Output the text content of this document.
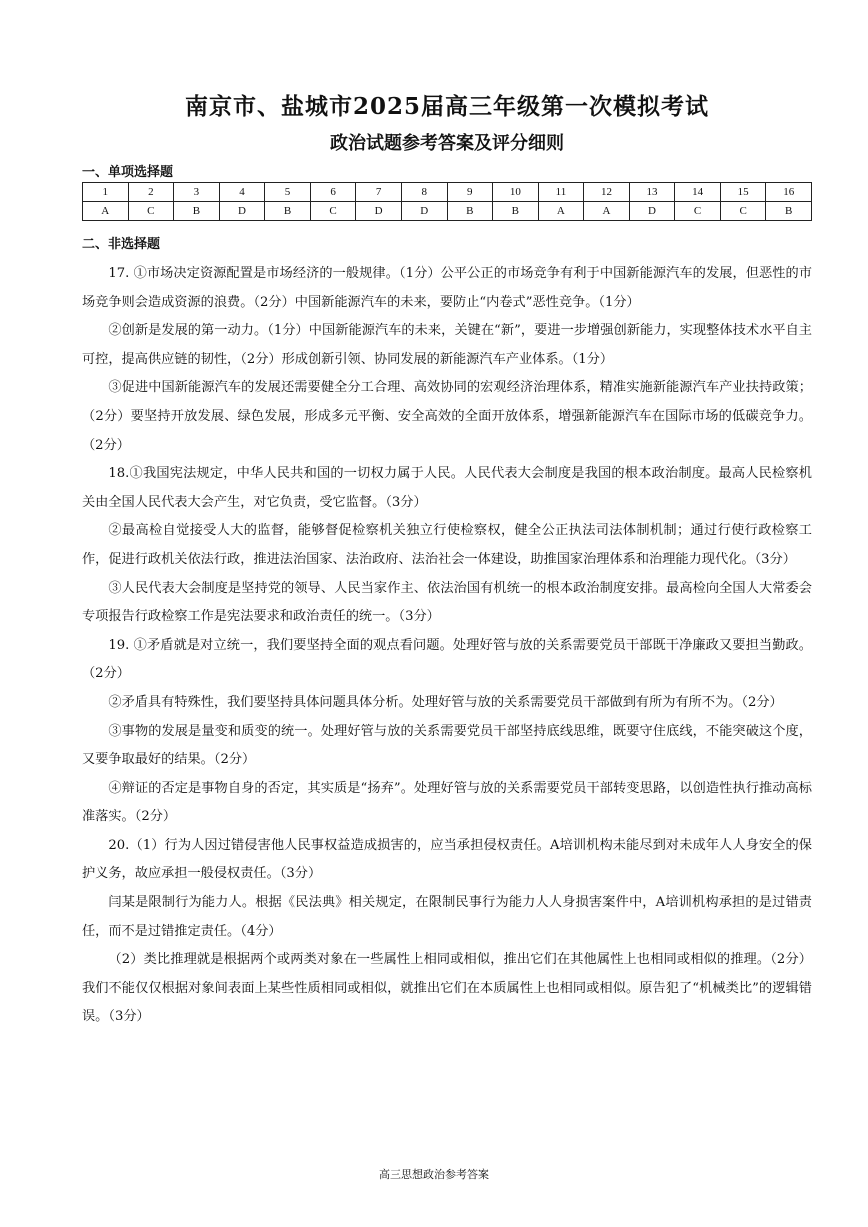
南京市、盐城市2025届高三年级第一次模拟考试
政治试题参考答案及评分细则
一、单项选择题
1	2	3	4	5	6	7	8	9	10	11	12	13	14	15	16
A	C	B	D	B	C	D	D	B	B	A	A	D	C	C	B
二、非选择题

17. ①市场决定资源配置是市场经济的一般规律。（1分）公平公正的市场竞争有利于中国新能源汽车的发展，但恶性的市场竞争则会造成资源的浪费。（2分）中国新能源汽车的未来，要防止“内卷式”恶性竞争。（1分）

②创新是发展的第一动力。（1分）中国新能源汽车的未来，关键在“新”，要进一步增强创新能力，实现整体技术水平自主可控，提高供应链的韧性，（2分）形成创新引领、协同发展的新能源汽车产业体系。（1分）

③促进中国新能源汽车的发展还需要健全分工合理、高效协同的宏观经济治理体系，精准实施新能源汽车产业扶持政策；（2分）要坚持开放发展、绿色发展，形成多元平衡、安全高效的全面开放体系，增强新能源汽车在国际市场的低碳竞争力。（2分）

18.①我国宪法规定，中华人民共和国的一切权力属于人民。人民代表大会制度是我国的根本政治制度。最高人民检察机关由全国人民代表大会产生，对它负责，受它监督。（3分）

②最高检自觉接受人大的监督，能够督促检察机关独立行使检察权，健全公正执法司法体制机制；通过行使行政检察工作，促进行政机关依法行政，推进法治国家、法治政府、法治社会一体建设，助推国家治理体系和治理能力现代化。（3分）

③人民代表大会制度是坚持党的领导、人民当家作主、依法治国有机统一的根本政治制度安排。最高检向全国人大常委会专项报告行政检察工作是宪法要求和政治责任的统一。（3分）

19. ①矛盾就是对立统一，我们要坚持全面的观点看问题。处理好管与放的关系需要党员干部既干净廉政又要担当勤政。（2分）

②矛盾具有特殊性，我们要坚持具体问题具体分析。处理好管与放的关系需要党员干部做到有所为有所不为。（2分）

③事物的发展是量变和质变的统一。处理好管与放的关系需要党员干部坚持底线思维，既要守住底线，不能突破这个度，又要争取最好的结果。（2分）

④辩证的否定是事物自身的否定，其实质是“扬弃”。处理好管与放的关系需要党员干部转变思路，以创造性执行推动高标准落实。（2分）

20.（1）行为人因过错侵害他人民事权益造成损害的，应当承担侵权责任。A培训机构未能尽到对未成年人人身安全的保护义务，故应承担一般侵权责任。（3分）

闫某是限制行为能力人。根据《民法典》相关规定，在限制民事行为能力人人身损害案件中，A培训机构承担的是过错责任，而不是过错推定责任。（4分）

（2）类比推理就是根据两个或两类对象在一些属性上相同或相似，推出它们在其他属性上也相同或相似的推理。（2分）我们不能仅仅根据对象间表面上某些性质相同或相似，就推出它们在本质属性上也相同或相似。原告犯了“机械类比”的逻辑错误。（3分）

高三思想政治参考答案
